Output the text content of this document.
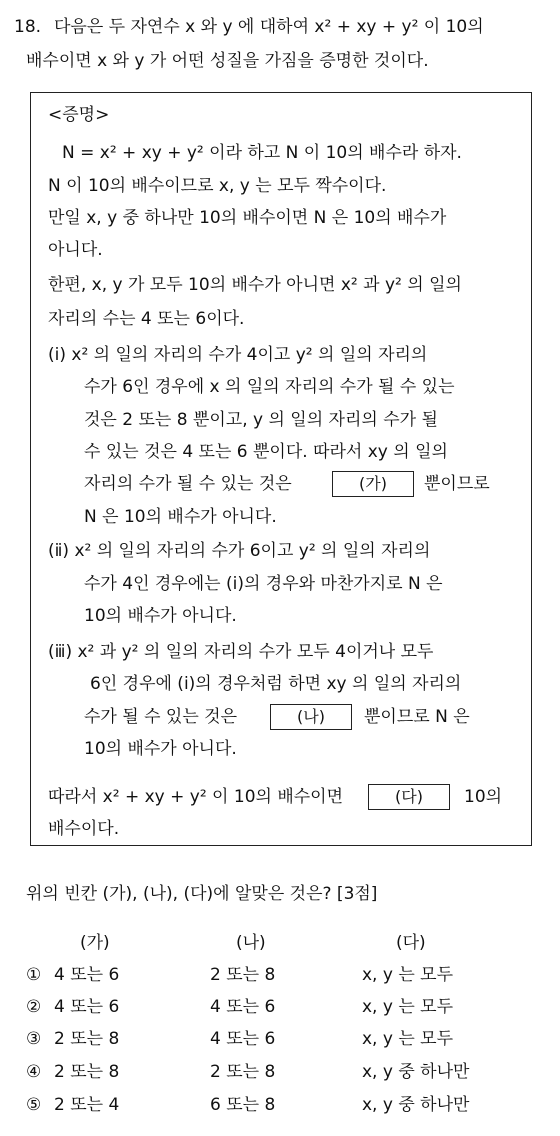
18. 다음은 두 자연수 x 와 y 에 대하여 x² + xy + y² 이 10의
배수이면 x 와 y 가 어떤 성질을 가짐을 증명한 것이다.
<증명>
N = x² + xy + y² 이라 하고 N 이 10의 배수라 하자.
N 이 10의 배수이므로 x, y 는 모두 짝수이다.
만일 x, y 중 하나만 10의 배수이면 N 은 10의 배수가
아니다.
한편, x, y 가 모두 10의 배수가 아니면 x² 과 y² 의 일의
자리의 수는 4 또는 6이다.
(ⅰ) x² 의 일의 자리의 수가 4이고 y² 의 일의 자리의
수가 6인 경우에 x 의 일의 자리의 수가 될 수 있는
것은 2 또는 8 뿐이고, y 의 일의 자리의 수가 될
수 있는 것은 4 또는 6 뿐이다. 따라서 xy 의 일의
자리의 수가 될 수 있는 것은	(가)	뿐이므로
N 은 10의 배수가 아니다.
(ⅱ) x² 의 일의 자리의 수가 6이고 y² 의 일의 자리의
수가 4인 경우에는 (ⅰ)의 경우와 마찬가지로 N 은
10의 배수가 아니다.
(ⅲ) x² 과 y² 의 일의 자리의 수가 모두 4이거나 모두
6인 경우에 (ⅰ)의 경우처럼 하면 xy 의 일의 자리의
수가 될 수 있는 것은	(나)	뿐이므로 N 은
10의 배수가 아니다.
따라서 x² + xy + y² 이 10의 배수이면	(다)	10의
배수이다.
위의 빈칸 (가), (나), (다)에 알맞은 것은? [3점]
(가)	(나)	(다)
① 4 또는 6	2 또는 8	x, y 는 모두
② 4 또는 6	4 또는 6	x, y 는 모두
③ 2 또는 8	4 또는 6	x, y 는 모두
④ 2 또는 8	2 또는 8	x, y 중 하나만
⑤ 2 또는 4	6 또는 8	x, y 중 하나만
